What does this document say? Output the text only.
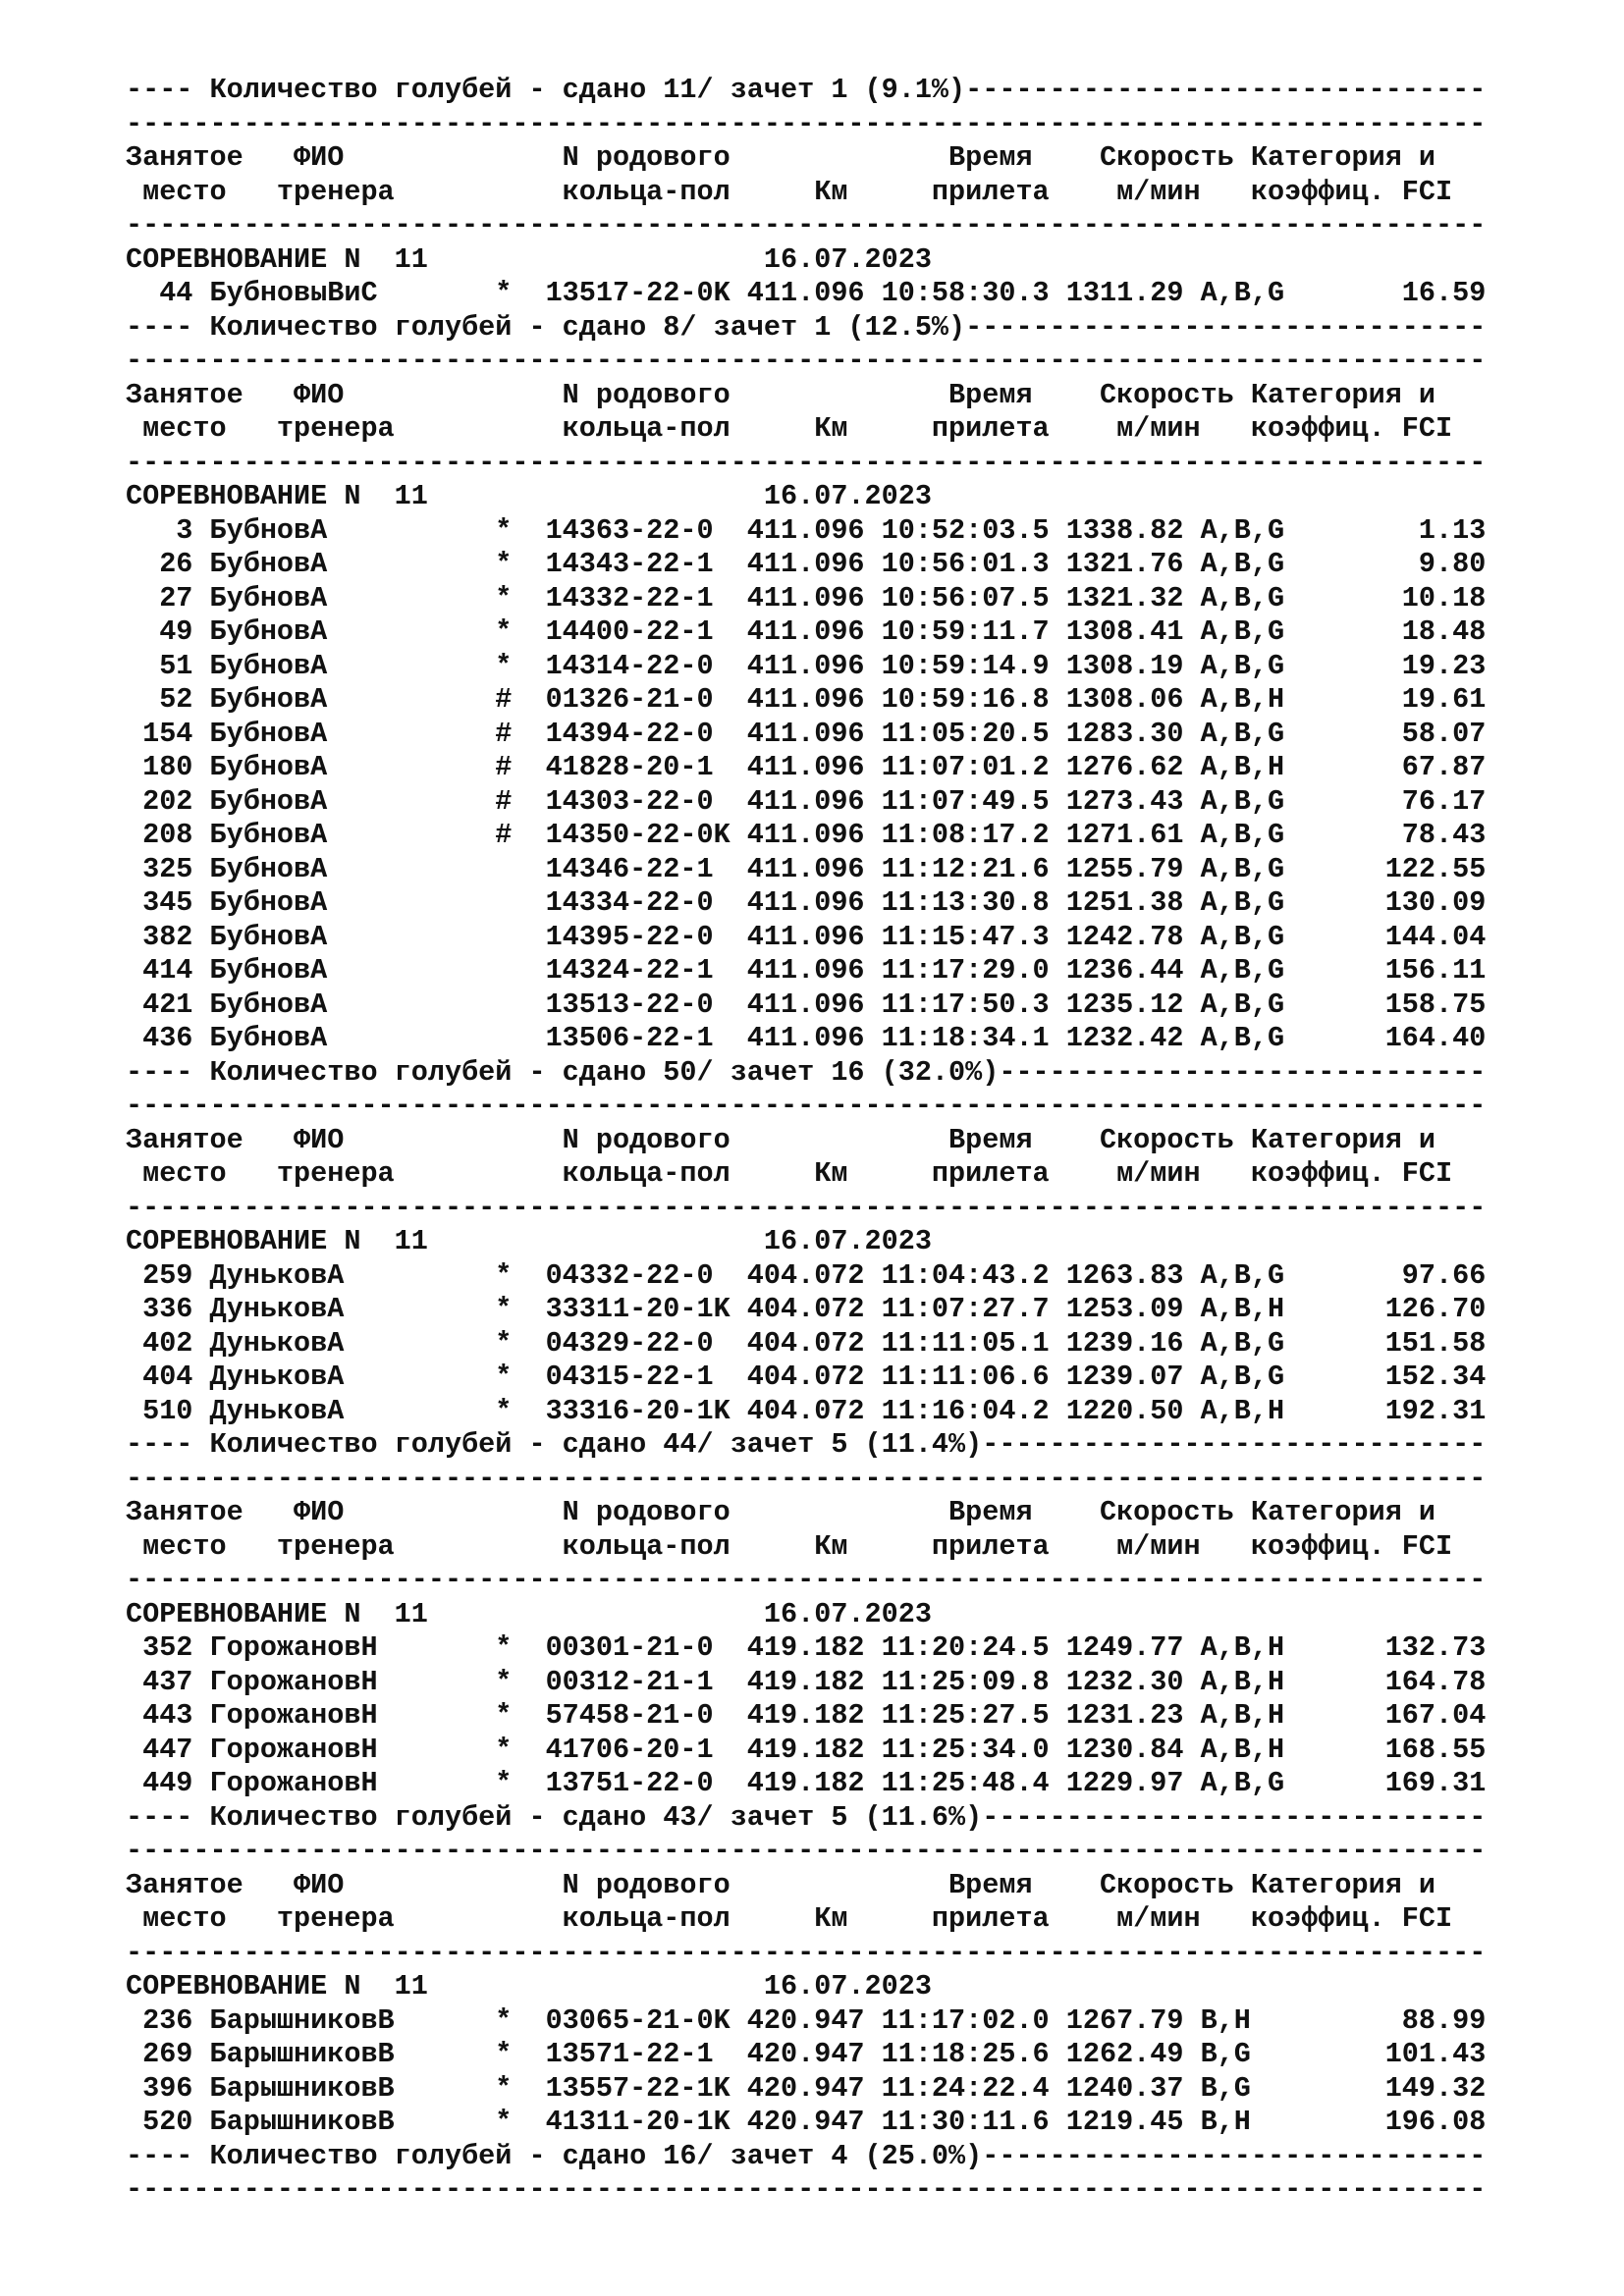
---- Количество голубей - сдано 11/ зачет 1 (9.1%)-------------------------------
---------------------------------------------------------------------------------
Занятое   ФИО             N родового             Время    Скорость Категория и
место   тренера          кольца-пол     Км     прилета    м/мин   коэффиц. FCI
---------------------------------------------------------------------------------
СОРЕВНОВАНИЕ N  11                    16.07.2023
44 БубновыВиС       *  13517-22-0K 411.096 10:58:30.3 1311.29 A,B,G       16.59
---- Количество голубей - сдано 8/ зачет 1 (12.5%)-------------------------------
---------------------------------------------------------------------------------
Занятое   ФИО             N родового             Время    Скорость Категория и
место   тренера          кольца-пол     Км     прилета    м/мин   коэффиц. FCI
---------------------------------------------------------------------------------
СОРЕВНОВАНИЕ N  11                    16.07.2023
3 БубновА          *  14363-22-0  411.096 10:52:03.5 1338.82 A,B,G        1.13
26 БубновА          *  14343-22-1  411.096 10:56:01.3 1321.76 A,B,G        9.80
27 БубновА          *  14332-22-1  411.096 10:56:07.5 1321.32 A,B,G       10.18
49 БубновА          *  14400-22-1  411.096 10:59:11.7 1308.41 A,B,G       18.48
51 БубновА          *  14314-22-0  411.096 10:59:14.9 1308.19 A,B,G       19.23
52 БубновА          #  01326-21-0  411.096 10:59:16.8 1308.06 A,B,H       19.61
154 БубновА          #  14394-22-0  411.096 11:05:20.5 1283.30 A,B,G       58.07
180 БубновА          #  41828-20-1  411.096 11:07:01.2 1276.62 A,B,H       67.87
202 БубновА          #  14303-22-0  411.096 11:07:49.5 1273.43 A,B,G       76.17
208 БубновА          #  14350-22-0K 411.096 11:08:17.2 1271.61 A,B,G       78.43
325 БубновА             14346-22-1  411.096 11:12:21.6 1255.79 A,B,G      122.55
345 БубновА             14334-22-0  411.096 11:13:30.8 1251.38 A,B,G      130.09
382 БубновА             14395-22-0  411.096 11:15:47.3 1242.78 A,B,G      144.04
414 БубновА             14324-22-1  411.096 11:17:29.0 1236.44 A,B,G      156.11
421 БубновА             13513-22-0  411.096 11:17:50.3 1235.12 A,B,G      158.75
436 БубновА             13506-22-1  411.096 11:18:34.1 1232.42 A,B,G      164.40
---- Количество голубей - сдано 50/ зачет 16 (32.0%)-----------------------------
---------------------------------------------------------------------------------
Занятое   ФИО             N родового             Время    Скорость Категория и
место   тренера          кольца-пол     Км     прилета    м/мин   коэффиц. FCI
---------------------------------------------------------------------------------
СОРЕВНОВАНИЕ N  11                    16.07.2023
259 ДуньковА         *  04332-22-0  404.072 11:04:43.2 1263.83 A,B,G       97.66
336 ДуньковА         *  33311-20-1K 404.072 11:07:27.7 1253.09 A,B,H      126.70
402 ДуньковА         *  04329-22-0  404.072 11:11:05.1 1239.16 A,B,G      151.58
404 ДуньковА         *  04315-22-1  404.072 11:11:06.6 1239.07 A,B,G      152.34
510 ДуньковА         *  33316-20-1K 404.072 11:16:04.2 1220.50 A,B,H      192.31
---- Количество голубей - сдано 44/ зачет 5 (11.4%)------------------------------
---------------------------------------------------------------------------------
Занятое   ФИО             N родового             Время    Скорость Категория и
место   тренера          кольца-пол     Км     прилета    м/мин   коэффиц. FCI
---------------------------------------------------------------------------------
СОРЕВНОВАНИЕ N  11                    16.07.2023
352 ГорожановН       *  00301-21-0  419.182 11:20:24.5 1249.77 A,B,H      132.73
437 ГорожановН       *  00312-21-1  419.182 11:25:09.8 1232.30 A,B,H      164.78
443 ГорожановН       *  57458-21-0  419.182 11:25:27.5 1231.23 A,B,H      167.04
447 ГорожановН       *  41706-20-1  419.182 11:25:34.0 1230.84 A,B,H      168.55
449 ГорожановН       *  13751-22-0  419.182 11:25:48.4 1229.97 A,B,G      169.31
---- Количество голубей - сдано 43/ зачет 5 (11.6%)------------------------------
---------------------------------------------------------------------------------
Занятое   ФИО             N родового             Время    Скорость Категория и
место   тренера          кольца-пол     Км     прилета    м/мин   коэффиц. FCI
---------------------------------------------------------------------------------
СОРЕВНОВАНИЕ N  11                    16.07.2023
236 БарышниковВ      *  03065-21-0K 420.947 11:17:02.0 1267.79 B,H         88.99
269 БарышниковВ      *  13571-22-1  420.947 11:18:25.6 1262.49 B,G        101.43
396 БарышниковВ      *  13557-22-1K 420.947 11:24:22.4 1240.37 B,G        149.32
520 БарышниковВ      *  41311-20-1K 420.947 11:30:11.6 1219.45 B,H        196.08
---- Количество голубей - сдано 16/ зачет 4 (25.0%)------------------------------
---------------------------------------------------------------------------------
